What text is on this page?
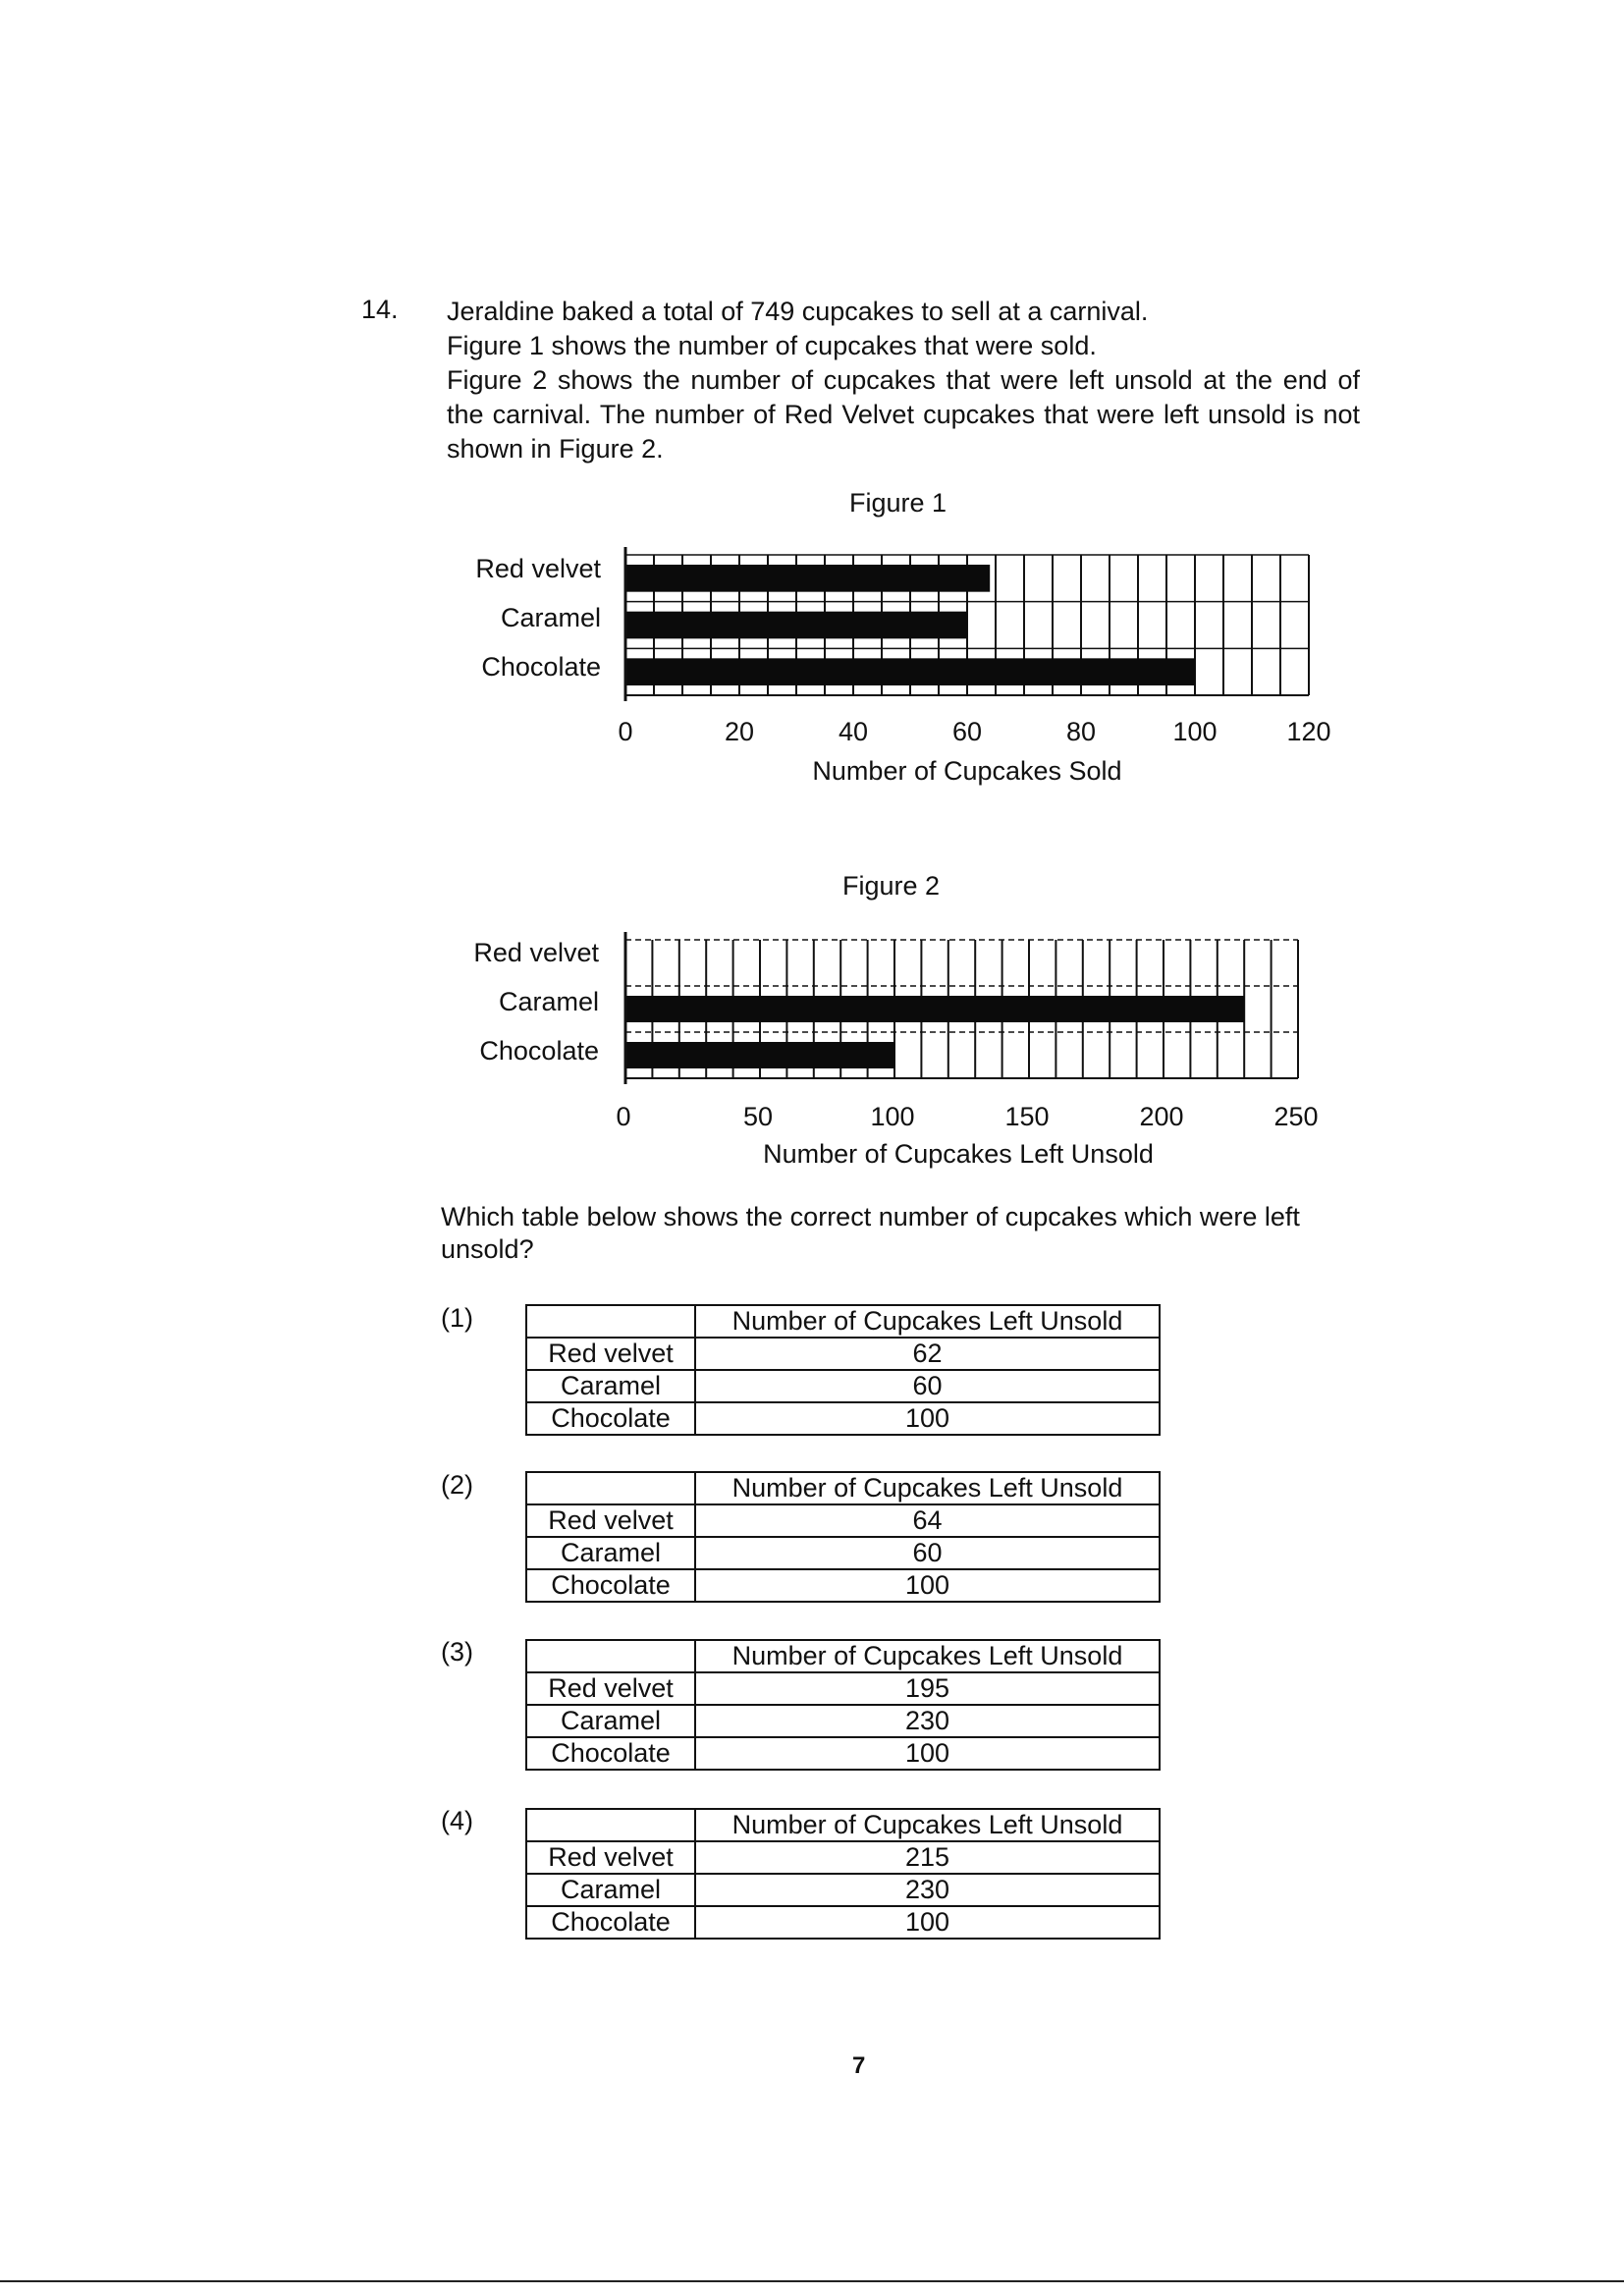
14. Jeraldine baked a total of 749 cupcakes to sell at a carnival.

Figure 1 shows the number of cupcakes that were sold.

Figure 2 shows the number of cupcakes that were left unsold at the end of the carnival. The number of Red Velvet cupcakes that were left unsold is not shown in Figure 2.

Figure 1
Red velvet
Caramel
Chocolate
0	20	40	60	80	100	120
Number of Cupcakes Sold
Figure 2
Red velvet
Caramel
Chocolate
0	50	100	150	200	250
Number of Cupcakes Left Unsold

Which table below shows the correct number of cupcakes which were left unsold?

(1)
		Number of Cupcakes Left Unsold
Red velvet	62
Caramel	60
Chocolate	100
(2)
		Number of Cupcakes Left Unsold
Red velvet	64
Caramel	60
Chocolate	100
(3)
		Number of Cupcakes Left Unsold
Red velvet	195
Caramel	230
Chocolate	100
(4)
		Number of Cupcakes Left Unsold
Red velvet	215
Caramel	230
Chocolate	100
7
